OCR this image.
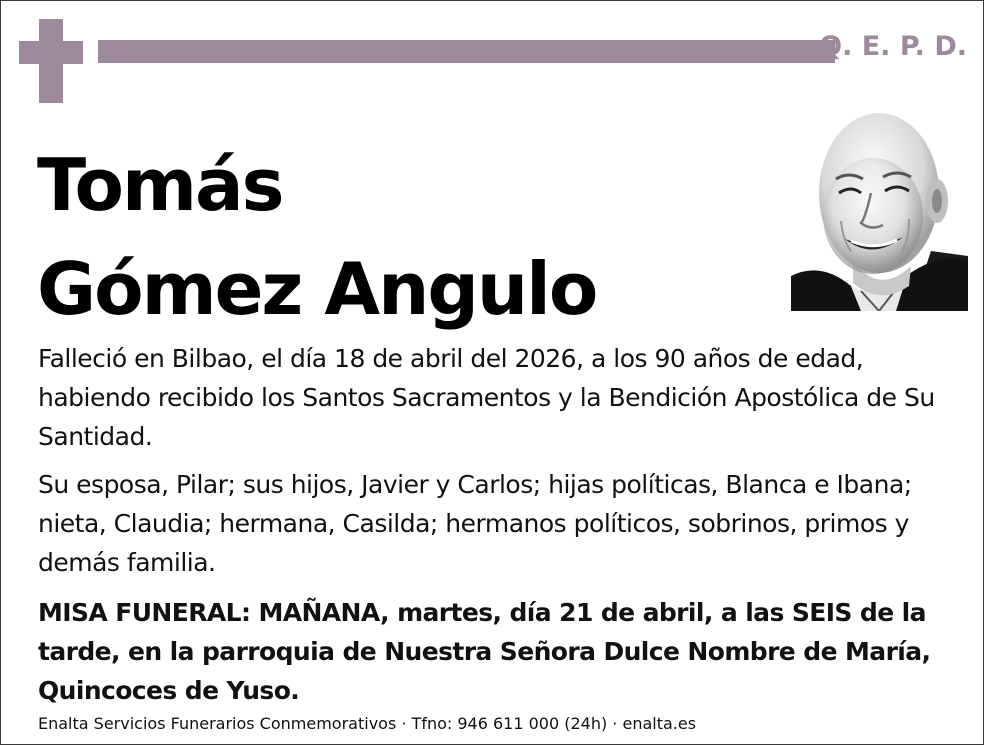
Q. E. P. D.
Tomás
Gómez Angulo
Falleció en Bilbao, el día 18 de abril del 2026, a los 90 años de edad, habiendo recibido los Santos Sacramentos y la Bendición Apostólica de Su Santidad.
Su esposa, Pilar; sus hijos, Javier y Carlos; hijas políticas, Blanca e Ibana; nieta, Claudia; hermana, Casilda; hermanos políticos, sobrinos, primos y demás familia.
MISA FUNERAL: MAÑANA, martes, día 21 de abril, a las SEIS de la tarde, en la parroquia de Nuestra Señora Dulce Nombre de María, Quincoces de Yuso.
Enalta Servicios Funerarios Conmemorativos · Tfno: 946 611 000 (24h) · enalta.es
